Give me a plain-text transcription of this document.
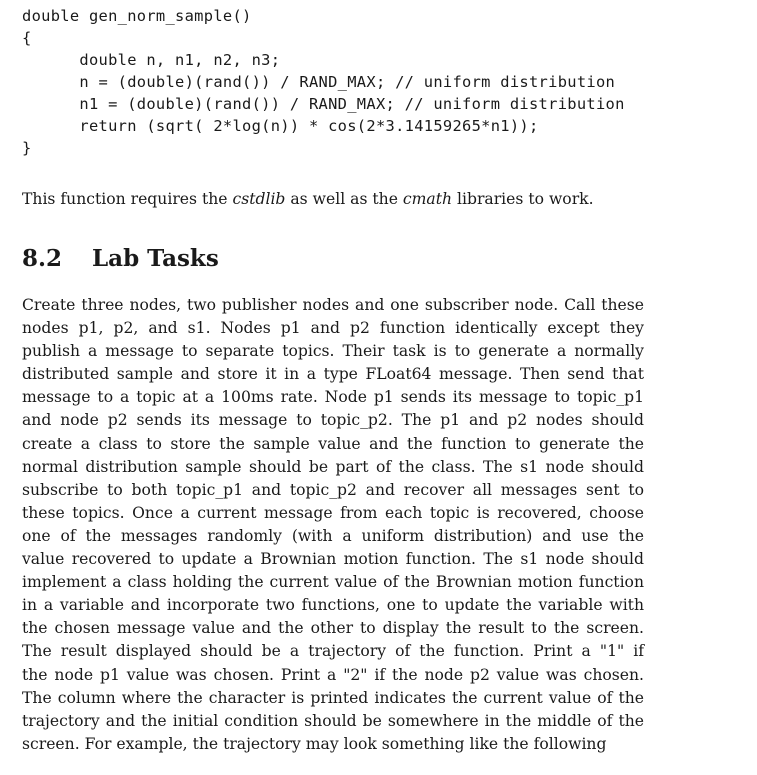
double gen_norm_sample()
{
double n, n1, n2, n3;
n = (double)(rand()) / RAND_MAX; // uniform distribution
n1 = (double)(rand()) / RAND_MAX; // uniform distribution
return (sqrt( 2*log(n)) * cos(2*3.14159265*n1));
}

This function requires the cstdlib as well as the cmath libraries to work.

8.2 Lab Tasks
Create three nodes, two publisher nodes and one subscriber node. Call these
nodes p1, p2, and s1. Nodes p1 and p2 function identically except they
publish a message to separate topics. Their task is to generate a normally
distributed sample and store it in a type FLoat64 message. Then send that
message to a topic at a 100ms rate. Node p1 sends its message to topic_p1
and node p2 sends its message to topic_p2. The p1 and p2 nodes should
create a class to store the sample value and the function to generate the
normal distribution sample should be part of the class. The s1 node should
subscribe to both topic_p1 and topic_p2 and recover all messages sent to
these topics. Once a current message from each topic is recovered, choose
one of the messages randomly (with a uniform distribution) and use the
value recovered to update a Brownian motion function. The s1 node should
implement a class holding the current value of the Brownian motion function
in a variable and incorporate two functions, one to update the variable with
the chosen message value and the other to display the result to the screen.
The result displayed should be a trajectory of the function. Print a "1" if
the node p1 value was chosen. Print a "2" if the node p2 value was chosen.
The column where the character is printed indicates the current value of the
trajectory and the initial condition should be somewhere in the middle of the
screen. For example, the trajectory may look something like the following
